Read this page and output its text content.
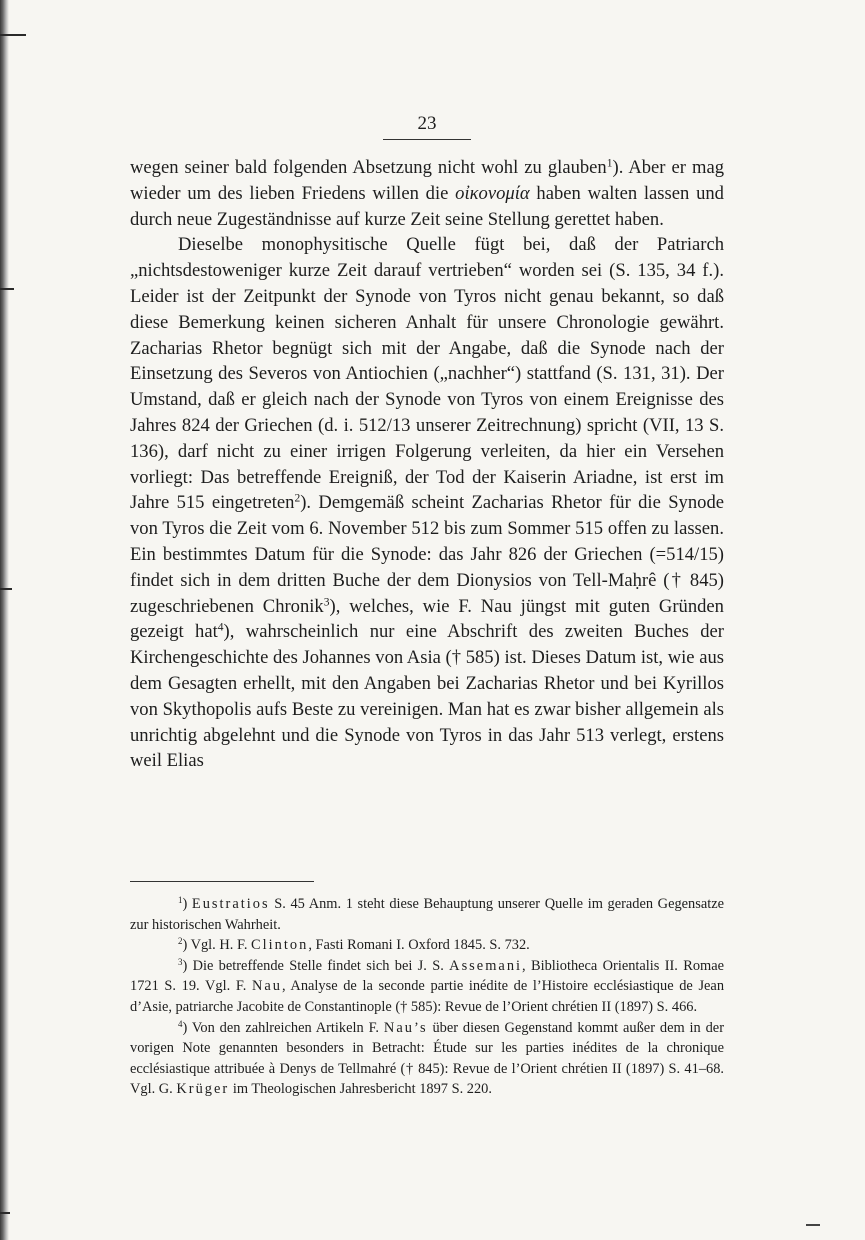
23

wegen seiner bald folgenden Absetzung nicht wohl zu glauben$^1$). Aber er mag wieder um des lieben Friedens willen die οἰκονομία haben walten lassen und durch neue Zugeständnisse auf kurze Zeit seine Stellung gerettet haben.

Dieselbe monophysitische Quelle fügt bei, daß der Patriarch „nichtsdestoweniger kurze Zeit darauf vertrieben“ worden sei (S. 135, 34 f.). Leider ist der Zeitpunkt der Synode von Tyros nicht genau bekannt, so daß diese Bemerkung keinen sicheren Anhalt für unsere Chronologie gewährt. Zacharias Rhetor begnügt sich mit der Angabe, daß die Synode nach der Einsetzung des Severos von Antiochien („nachher“) stattfand (S. 131, 31). Der Umstand, daß er gleich nach der Synode von Tyros von einem Ereignisse des Jahres 824 der Griechen (d. i. 512/13 unserer Zeitrechnung) spricht (VII, 13 S. 136), darf nicht zu einer irrigen Folgerung verleiten, da hier ein Versehen vorliegt: Das betreffende Ereigniß, der Tod der Kaiserin Ariadne, ist erst im Jahre 515 eingetreten$^2$). Demgemäß scheint Zacharias Rhetor für die Synode von Tyros die Zeit vom 6. November 512 bis zum Sommer 515 offen zu lassen. Ein bestimmtes Datum für die Synode: das Jahr 826 der Griechen (=514/15) findet sich in dem dritten Buche der dem Dionysios von Tell-Maḥrê († 845) zugeschriebenen Chronik$^3$), welches, wie F. Nau jüngst mit guten Gründen gezeigt hat$^4$), wahrscheinlich nur eine Abschrift des zweiten Buches der Kirchengeschichte des Johannes von Asia († 585) ist. Dieses Datum ist, wie aus dem Gesagten erhellt, mit den Angaben bei Zacharias Rhetor und bei Kyrillos von Skythopolis aufs Beste zu vereinigen. Man hat es zwar bisher allgemein als unrichtig abgelehnt und die Synode von Tyros in das Jahr 513 verlegt, erstens weil Elias

$^1$) Eustratios S. 45 Anm. 1 steht diese Behauptung unserer Quelle im geraden Gegensatze zur historischen Wahrheit.

$^2$) Vgl. H. F. Clinton, Fasti Romani I. Oxford 1845. S. 732.

$^3$) Die betreffende Stelle findet sich bei J. S. Assemani, Bibliotheca Orientalis II. Romae 1721 S. 19. Vgl. F. Nau, Analyse de la seconde partie inédite de l’Histoire ecclésiastique de Jean d’Asie, patriarche Jacobite de Constantinople († 585): Revue de l’Orient chrétien II (1897) S. 466.

$^4$) Von den zahlreichen Artikeln F. Nau’s über diesen Gegenstand kommt außer dem in der vorigen Note genannten besonders in Betracht: Étude sur les parties inédites de la chronique ecclésiastique attribuée à Denys de Tellmahré († 845): Revue de l’Orient chrétien II (1897) S. 41–68. Vgl. G. Krüger im Theologischen Jahresbericht 1897 S. 220.
